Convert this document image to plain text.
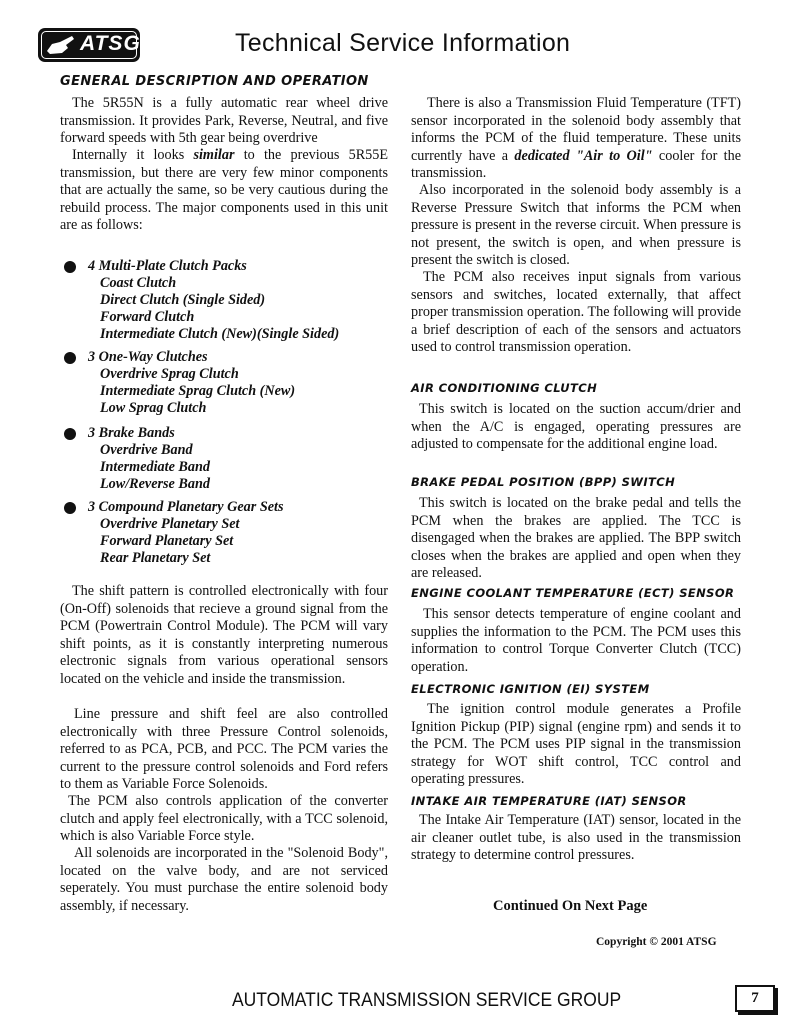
ATSG	Technical Service Information
GENERAL DESCRIPTION AND OPERATION
The 5R55N is a fully automatic rear wheel drive transmission. It provides Park, Reverse, Neutral, and five forward speeds with 5th gear being overdrive
Internally it looks similar to the previous 5R55E transmission, but there are very few minor components that are actually the same, so be very cautious during the rebuild process. The major components used in this unit are as follows:
4 Multi-Plate Clutch Packs
Coast Clutch
Direct Clutch (Single Sided)
Forward Clutch
Intermediate Clutch (New)(Single Sided)
3 One-Way Clutches
Overdrive Sprag Clutch
Intermediate Sprag Clutch (New)
Low Sprag Clutch
3 Brake Bands
Overdrive Band
Intermediate Band
Low/Reverse Band
3 Compound Planetary Gear Sets
Overdrive Planetary Set
Forward Planetary Set
Rear Planetary Set
The shift pattern is controlled electronically with four (On-Off) solenoids that recieve a ground signal from the PCM (Powertrain Control Module). The PCM will vary shift points, as it is constantly interpreting numerous electronic signals from various operational sensors located on the vehicle and inside the transmission.
Line pressure and shift feel are also controlled electronically with three Pressure Control solenoids, referred to as PCA, PCB, and PCC. The PCM varies the current to the pressure control solenoids and Ford refers to them as Variable Force Solenoids.
The PCM also controls application of the converter clutch and apply feel electronically, with a TCC solenoid, which is also Variable Force style.
All solenoids are incorporated in the "Solenoid Body", located on the valve body, and are not serviced seperately. You must purchase the entire solenoid body assembly, if necessary.
There is also a Transmission Fluid Temperature (TFT) sensor incorporated in the solenoid body assembly that informs the PCM of the fluid temperature. These units currently have a dedicated "Air to Oil" cooler for the transmission.
Also incorporated in the solenoid body assembly is a Reverse Pressure Switch that informs the PCM when pressure is present in the reverse circuit. When pressure is not present, the switch is open, and when pressure is present the switch is closed.
The PCM also receives input signals from various sensors and switches, located externally, that affect proper transmission operation. The following will provide a brief description of each of the sensors and actuators used to control transmission operation.
AIR CONDITIONING CLUTCH
This switch is located on the suction accum/drier and when the A/C is engaged, operating pressures are adjusted to compensate for the additional engine load.
BRAKE PEDAL POSITION (BPP) SWITCH
This switch is located on the brake pedal and tells the PCM when the brakes are applied. The TCC is disengaged when the brakes are applied. The BPP switch closes when the brakes are applied and open when they are released.
ENGINE COOLANT TEMPERATURE (ECT) SENSOR
This sensor detects temperature of engine coolant and supplies the information to the PCM. The PCM uses this information to control Torque Converter Clutch (TCC) operation.
ELECTRONIC IGNITION (EI) SYSTEM
The ignition control module generates a Profile Ignition Pickup (PIP) signal (engine rpm) and sends it to the PCM. The PCM uses PIP signal in the transmission strategy for WOT shift control, TCC control and operating pressures.
INTAKE AIR TEMPERATURE (IAT) SENSOR
The Intake Air Temperature (IAT) sensor, located in the air cleaner outlet tube, is also used in the transmission strategy to determine control pressures.
Continued On Next Page
Copyright © 2001 ATSG
AUTOMATIC TRANSMISSION SERVICE GROUP	7
